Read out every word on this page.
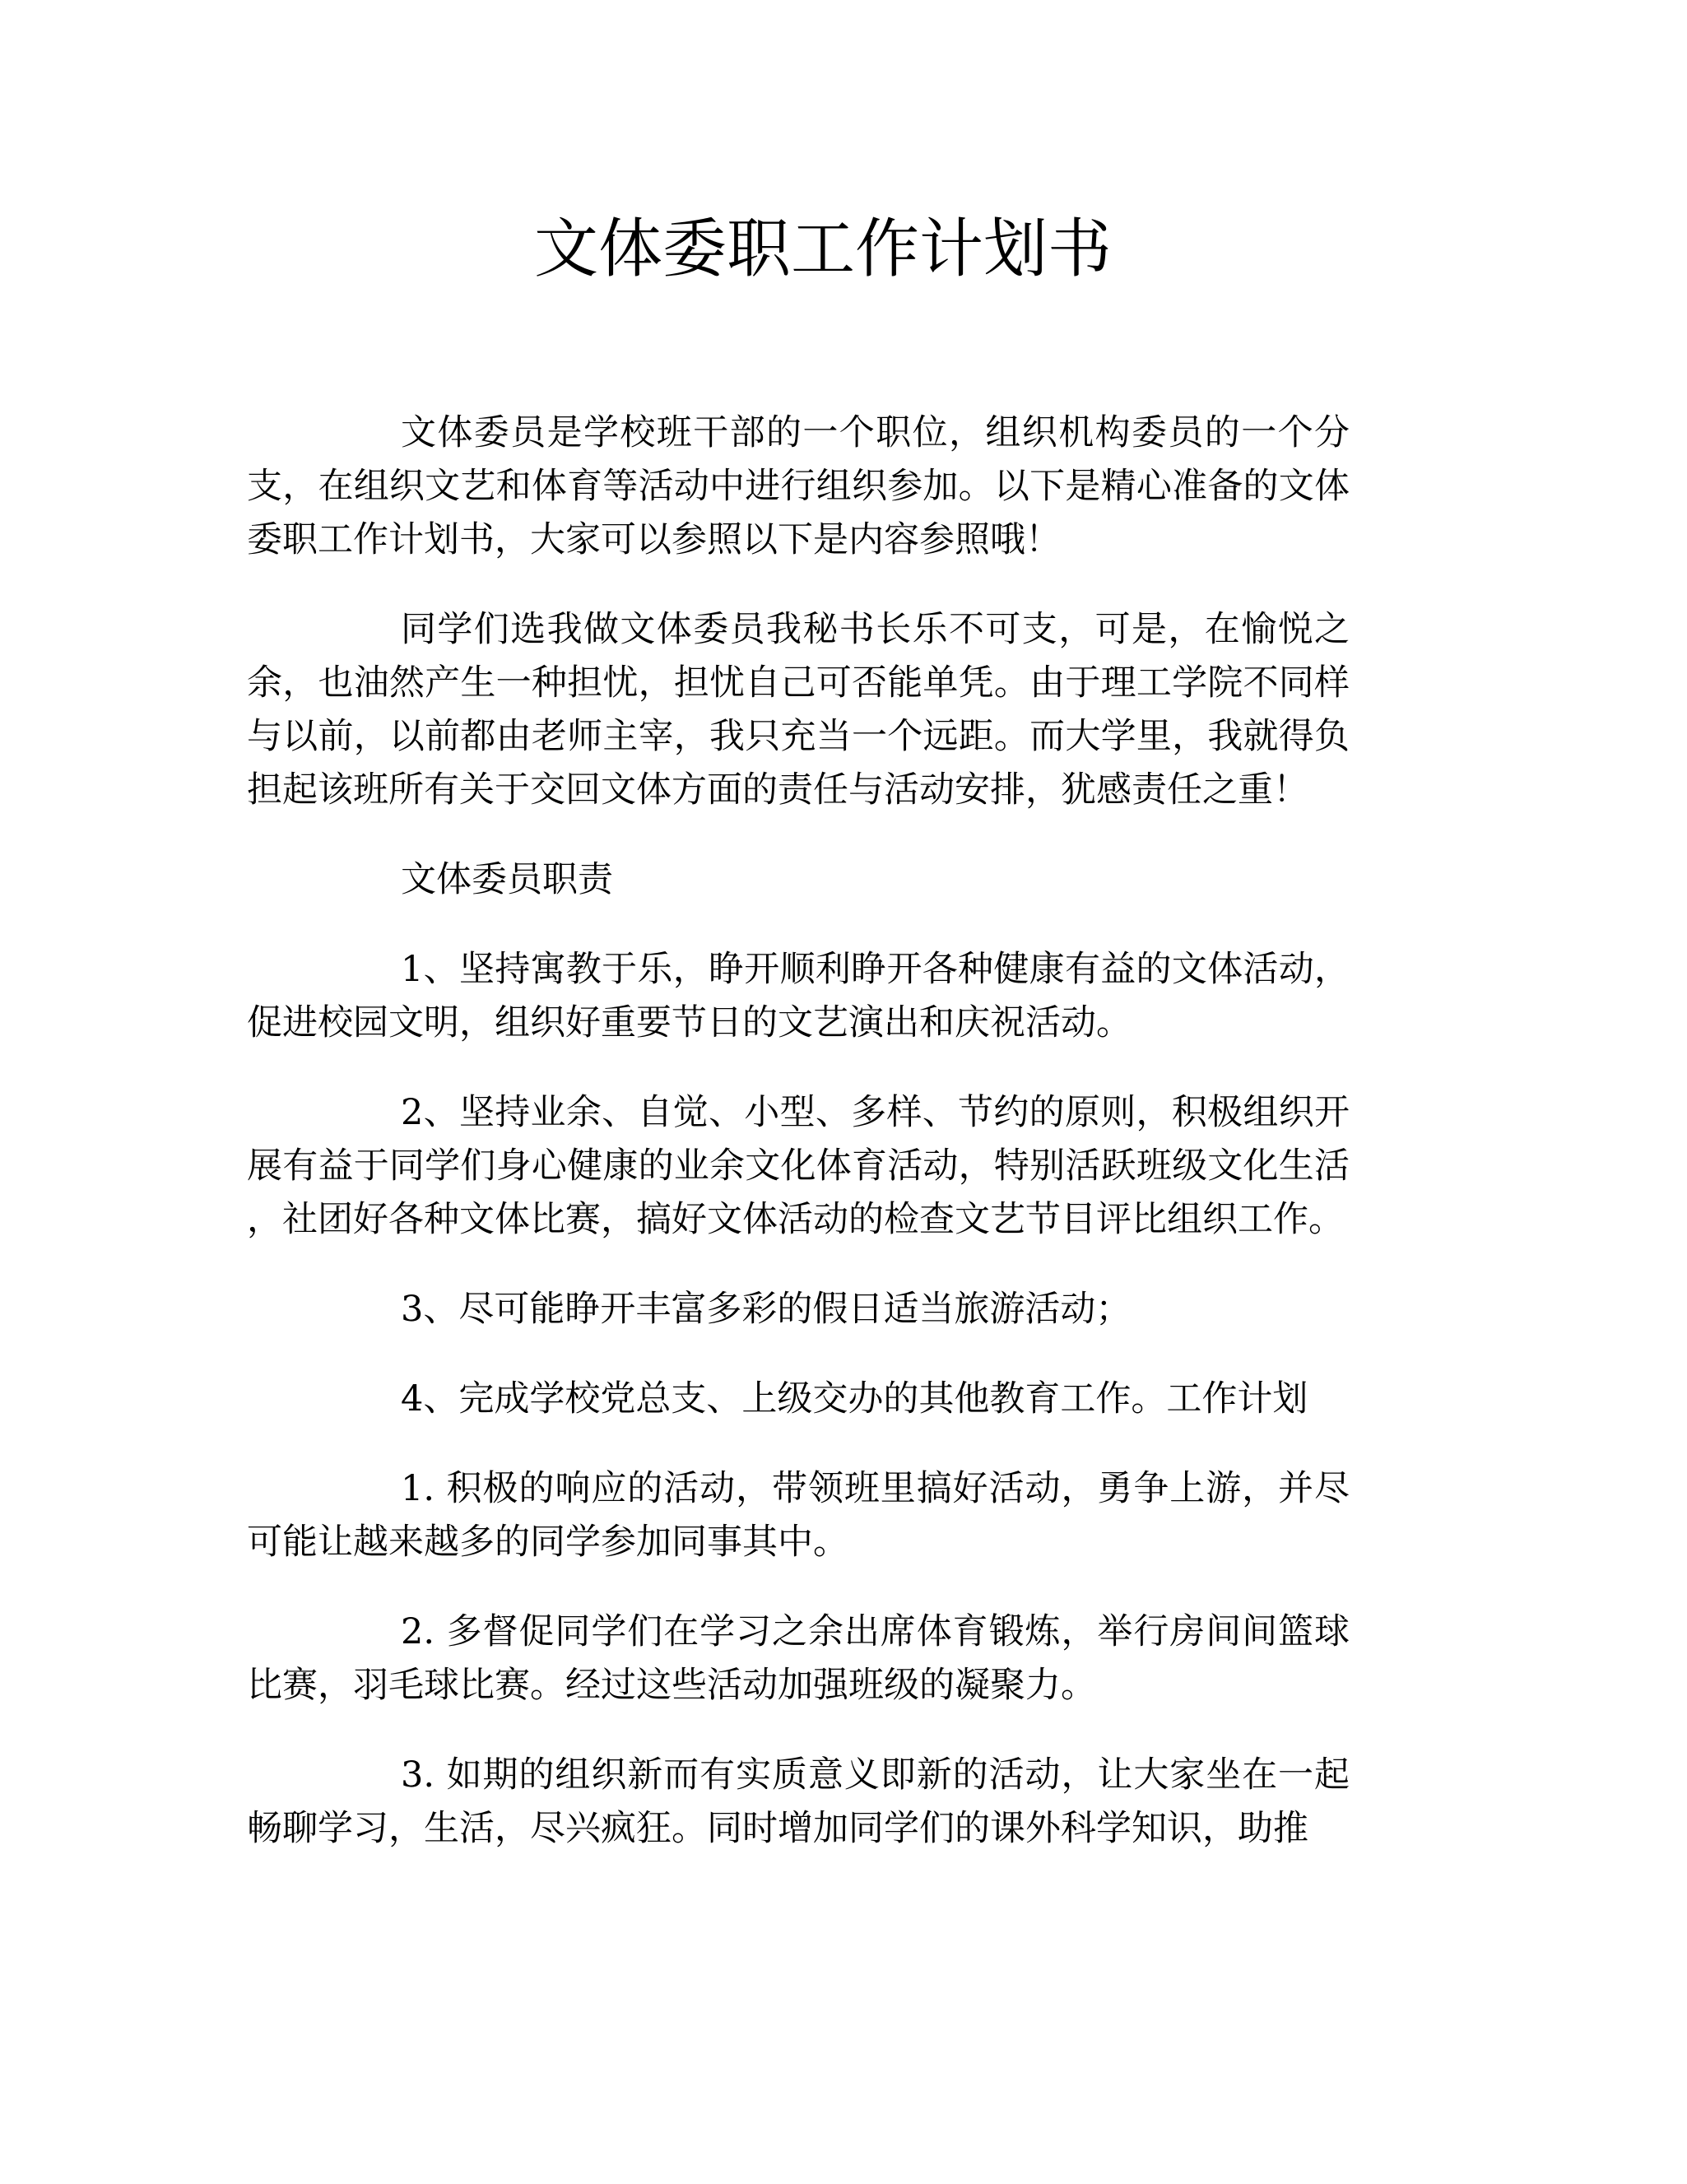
文体委职工作计划书

文体委员是学校班干部的一个职位，组织机构委员的一个分支，在组织文艺和体育等活动中进行组织参加。以下是精心准备的文体委职工作计划书，大家可以参照以下是内容参照哦！

同学们选我做文体委员我秘书长乐不可支，可是，在愉悦之余，也油然产生一种担忧，担忧自己可否能单凭。由于理工学院不同样与以前，以前都由老师主宰，我只充当一个远距。而大学里，我就得负担起该班所有关于交回文体方面的责任与活动安排，犹感责任之重！

文体委员职责

1、坚持寓教于乐，睁开顺利睁开各种健康有益的文体活动，促进校园文明，组织好重要节日的文艺演出和庆祝活动。

2、坚持业余、自觉、小型、多样、节约的原则，积极组织开展有益于同学们身心健康的业余文化体育活动，特别活跃班级文化生活，社团好各种文体比赛，搞好文体活动的检查文艺节目评比组织工作。

3、尽可能睁开丰富多彩的假日适当旅游活动；

4、完成学校党总支、上级交办的其他教育工作。工作计划

1. 积极的响应的活动，带领班里搞好活动，勇争上游，并尽可能让越来越多的同学参加同事其中。

2. 多督促同学们在学习之余出席体育锻炼，举行房间间篮球比赛，羽毛球比赛。经过这些活动加强班级的凝聚力。

3. 如期的组织新而有实质意义即新的活动，让大家坐在一起畅聊学习，生活，尽兴疯狂。同时增加同学们的课外科学知识，助推
